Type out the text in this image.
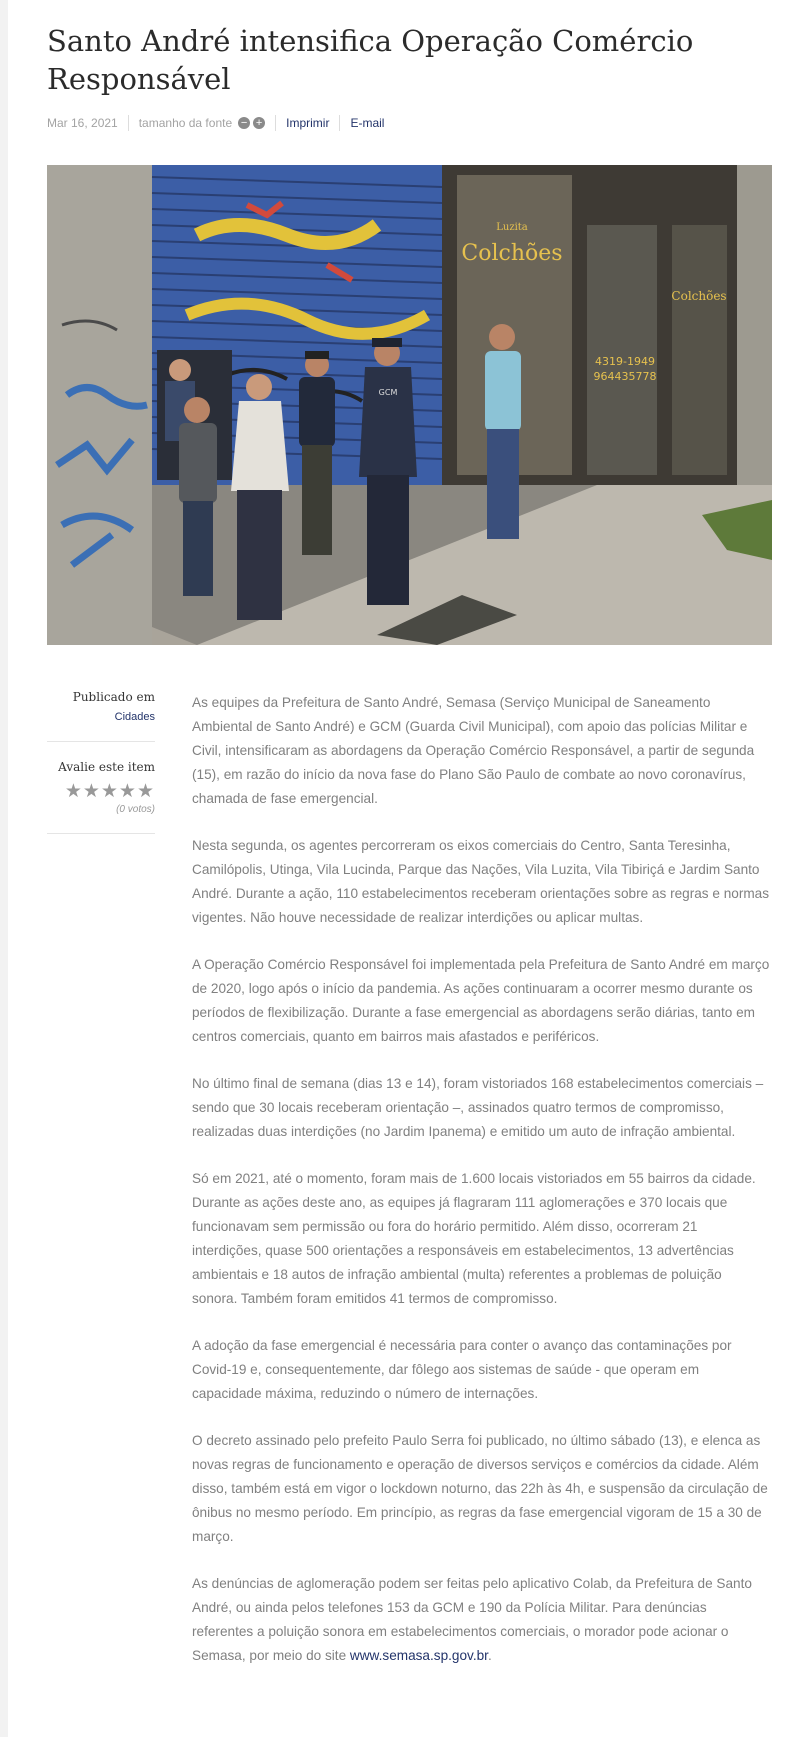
Santo André intensifica Operação Comércio Responsável
Mar 16, 2021 tamanho da fonte − + Imprimir E-mail
Luzita
Colchões
4319-1949
964435778
Colchões
GCM
Publicado em
Cidades
Avalie este item
★★★★★
(0 votos)

As equipes da Prefeitura de Santo André, Semasa (Serviço Municipal de Saneamento Ambiental de Santo André) e GCM (Guarda Civil Municipal), com apoio das polícias Militar e Civil, intensificaram as abordagens da Operação Comércio Responsável, a partir de segunda (15), em razão do início da nova fase do Plano São Paulo de combate ao novo coronavírus, chamada de fase emergencial.

Nesta segunda, os agentes percorreram os eixos comerciais do Centro, Santa Teresinha, Camilópolis, Utinga, Vila Lucinda, Parque das Nações, Vila Luzita, Vila Tibiriçá e Jardim Santo André. Durante a ação, 110 estabelecimentos receberam orientações sobre as regras e normas vigentes. Não houve necessidade de realizar interdições ou aplicar multas.

A Operação Comércio Responsável foi implementada pela Prefeitura de Santo André em março de 2020, logo após o início da pandemia. As ações continuaram a ocorrer mesmo durante os períodos de flexibilização. Durante a fase emergencial as abordagens serão diárias, tanto em centros comerciais, quanto em bairros mais afastados e periféricos.

No último final de semana (dias 13 e 14), foram vistoriados 168 estabelecimentos comerciais – sendo que 30 locais receberam orientação –, assinados quatro termos de compromisso, realizadas duas interdições (no Jardim Ipanema) e emitido um auto de infração ambiental.

Só em 2021, até o momento, foram mais de 1.600 locais vistoriados em 55 bairros da cidade. Durante as ações deste ano, as equipes já flagraram 111 aglomerações e 370 locais que funcionavam sem permissão ou fora do horário permitido. Além disso, ocorreram 21 interdições, quase 500 orientações a responsáveis em estabelecimentos, 13 advertências ambientais e 18 autos de infração ambiental (multa) referentes a problemas de poluição sonora. Também foram emitidos 41 termos de compromisso.

A adoção da fase emergencial é necessária para conter o avanço das contaminações por Covid-19 e, consequentemente, dar fôlego aos sistemas de saúde - que operam em capacidade máxima, reduzindo o número de internações.

O decreto assinado pelo prefeito Paulo Serra foi publicado, no último sábado (13), e elenca as novas regras de funcionamento e operação de diversos serviços e comércios da cidade. Além disso, também está em vigor o lockdown noturno, das 22h às 4h, e suspensão da circulação de ônibus no mesmo período. Em princípio, as regras da fase emergencial vigoram de 15 a 30 de março.

As denúncias de aglomeração podem ser feitas pelo aplicativo Colab, da Prefeitura de Santo André, ou ainda pelos telefones 153 da GCM e 190 da Polícia Militar. Para denúncias referentes a poluição sonora em estabelecimentos comerciais, o morador pode acionar o Semasa, por meio do site www.semasa.sp.gov.br.
